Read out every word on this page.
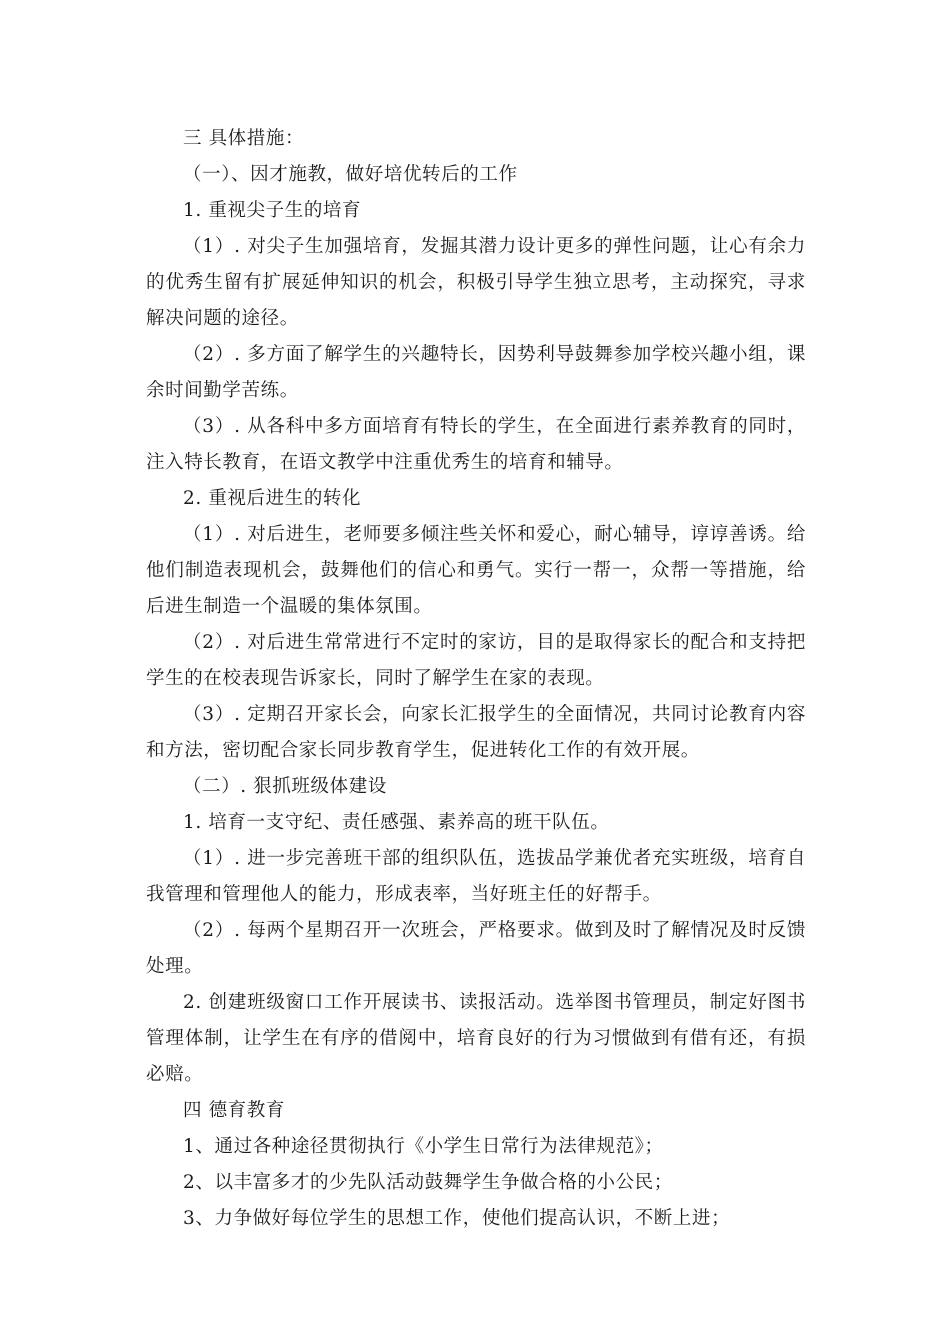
三 具体措施：
（一）、因才施教，做好培优转后的工作
1. 重视尖子生的培育
（1）. 对尖子生加强培育，发掘其潜力设计更多的弹性问题，让心有余力
的优秀生留有扩展延伸知识的机会，积极引导学生独立思考，主动探究，寻求
解决问题的途径。
（2）. 多方面了解学生的兴趣特长，因势利导鼓舞参加学校兴趣小组，课
余时间勤学苦练。
（3）. 从各科中多方面培育有特长的学生，在全面进行素养教育的同时，
注入特长教育，在语文教学中注重优秀生的培育和辅导。
2. 重视后进生的转化
（1）. 对后进生，老师要多倾注些关怀和爱心，耐心辅导，谆谆善诱。给
他们制造表现机会，鼓舞他们的信心和勇气。实行一帮一，众帮一等措施，给
后进生制造一个温暖的集体氛围。
（2）. 对后进生常常进行不定时的家访，目的是取得家长的配合和支持把
学生的在校表现告诉家长，同时了解学生在家的表现。
（3）. 定期召开家长会，向家长汇报学生的全面情况，共同讨论教育内容
和方法，密切配合家长同步教育学生，促进转化工作的有效开展。
（二）. 狠抓班级体建设
1. 培育一支守纪、责任感强、素养高的班干队伍。
（1）. 进一步完善班干部的组织队伍，选拔品学兼优者充实班级，培育自
我管理和管理他人的能力，形成表率，当好班主任的好帮手。
（2）. 每两个星期召开一次班会，严格要求。做到及时了解情况及时反馈
处理。
2. 创建班级窗口工作开展读书、读报活动。选举图书管理员，制定好图书
管理体制，让学生在有序的借阅中，培育良好的行为习惯做到有借有还，有损
必赔。
四 德育教育
1、通过各种途径贯彻执行《小学生日常行为法律规范》；
2、以丰富多才的少先队活动鼓舞学生争做合格的小公民；
3、力争做好每位学生的思想工作，使他们提高认识，不断上进；
